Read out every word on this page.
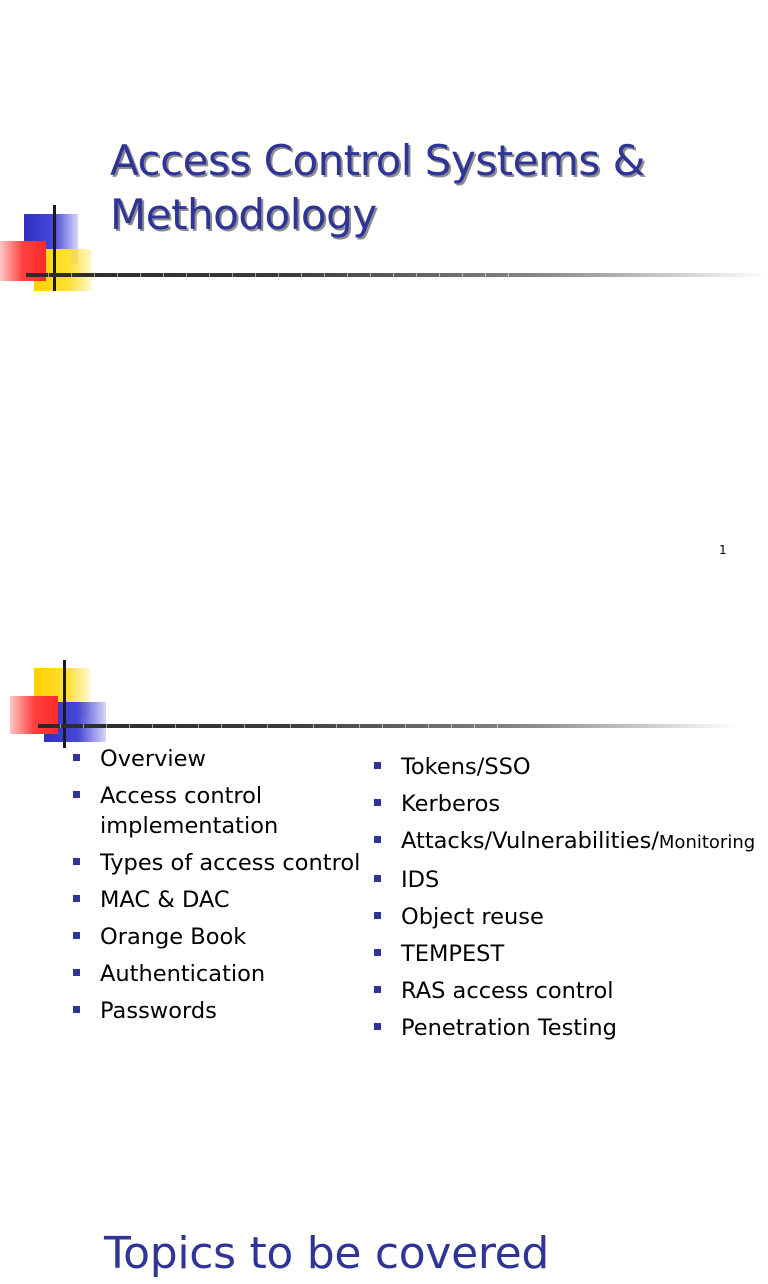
Access Control Systems &
Methodology
1
Topics to be covered
Overview
Access control implementation
Types of access control
MAC & DAC
Orange Book
Authentication
Passwords
Tokens/SSO
Kerberos
Attacks/Vulnerabilities/Monitoring
IDS
Object reuse
TEMPEST
RAS access control
Penetration Testing
